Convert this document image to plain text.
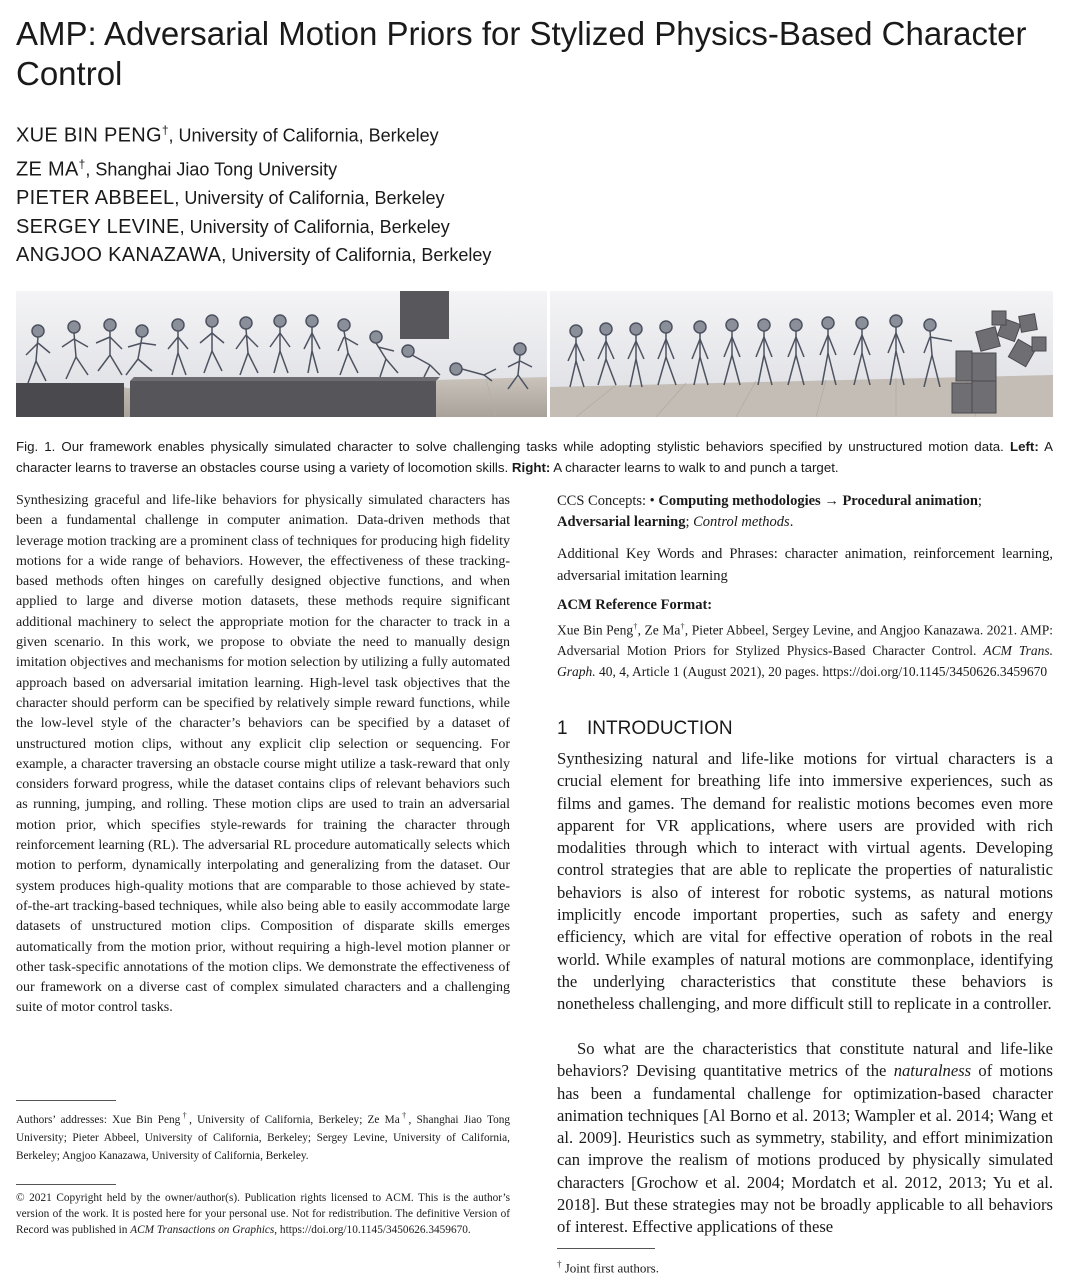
AMP: Adversarial Motion Priors for Stylized Physics-Based Character Control
XUE BIN PENG†, University of California, Berkeley
ZE MA†, Shanghai Jiao Tong University
PIETER ABBEEL, University of California, Berkeley
SERGEY LEVINE, University of California, Berkeley
ANGJOO KANAZAWA, University of California, Berkeley
Fig. 1. Our framework enables physically simulated character to solve challenging tasks while adopting stylistic behaviors specified by unstructured motion data. Left: A character learns to traverse an obstacles course using a variety of locomotion skills. Right: A character learns to walk to and punch a target.

Synthesizing graceful and life-like behaviors for physically simulated characters has been a fundamental challenge in computer animation. Data-driven methods that leverage motion tracking are a prominent class of techniques for producing high fidelity motions for a wide range of behaviors. However, the effectiveness of these tracking-based methods often hinges on carefully designed objective functions, and when applied to large and diverse motion datasets, these methods require significant additional machinery to select the appropriate motion for the character to track in a given scenario. In this work, we propose to obviate the need to manually design imitation objectives and mechanisms for motion selection by utilizing a fully automated approach based on adversarial imitation learning. High-level task objectives that the character should perform can be specified by relatively simple reward functions, while the low-level style of the character’s behaviors can be specified by a dataset of unstructured motion clips, without any explicit clip selection or sequencing. For example, a character traversing an obstacle course might utilize a task-reward that only considers forward progress, while the dataset contains clips of relevant behaviors such as running, jumping, and rolling. These motion clips are used to train an adversarial motion prior, which specifies style-rewards for training the character through reinforcement learning (RL). The adversarial RL procedure automatically selects which motion to perform, dynamically interpolating and generalizing from the dataset. Our system produces high-quality motions that are comparable to those achieved by state-of-the-art tracking-based techniques, while also being able to easily accommodate large datasets of unstructured motion clips. Composition of disparate skills emerges automatically from the motion prior, without requiring a high-level motion planner or other task-specific annotations of the motion clips. We demonstrate the effectiveness of our framework on a diverse cast of complex simulated characters and a challenging suite of motor control tasks.

Authors’ addresses: Xue Bin Peng†, University of California, Berkeley; Ze Ma†, Shanghai Jiao Tong University; Pieter Abbeel, University of California, Berkeley; Sergey Levine, University of California, Berkeley; Angjoo Kanazawa, University of California, Berkeley.

© 2021 Copyright held by the owner/author(s). Publication rights licensed to ACM. This is the author’s version of the work. It is posted here for your personal use. Not for redistribution. The definitive Version of Record was published in ACM Transactions on Graphics, https://doi.org/10.1145/3450626.3459670.

CCS Concepts: • Computing methodologies → Procedural animation; Adversarial learning; Control methods.

Additional Key Words and Phrases: character animation, reinforcement learning, adversarial imitation learning

ACM Reference Format:

Xue Bin Peng†, Ze Ma†, Pieter Abbeel, Sergey Levine, and Angjoo Kanazawa. 2021. AMP: Adversarial Motion Priors for Stylized Physics-Based Character Control. ACM Trans. Graph. 40, 4, Article 1 (August 2021), 20 pages. https://doi.org/10.1145/3450626.3459670

1 INTRODUCTION

Synthesizing natural and life-like motions for virtual characters is a crucial element for breathing life into immersive experiences, such as films and games. The demand for realistic motions becomes even more apparent for VR applications, where users are provided with rich modalities through which to interact with virtual agents. Developing control strategies that are able to replicate the properties of naturalistic behaviors is also of interest for robotic systems, as natural motions implicitly encode important properties, such as safety and energy efficiency, which are vital for effective operation of robots in the real world. While examples of natural motions are commonplace, identifying the underlying characteristics that constitute these behaviors is nonetheless challenging, and more difficult still to replicate in a controller.

So what are the characteristics that constitute natural and life-like behaviors? Devising quantitative metrics of the naturalness of motions has been a fundamental challenge for optimization-based character animation techniques [Al Borno et al. 2013; Wampler et al. 2014; Wang et al. 2009]. Heuristics such as symmetry, stability, and effort minimization can improve the realism of motions produced by physically simulated characters [Grochow et al. 2004; Mordatch et al. 2012, 2013; Yu et al. 2018]. But these strategies may not be broadly applicable to all behaviors of interest. Effective applications of these

† Joint first authors.
